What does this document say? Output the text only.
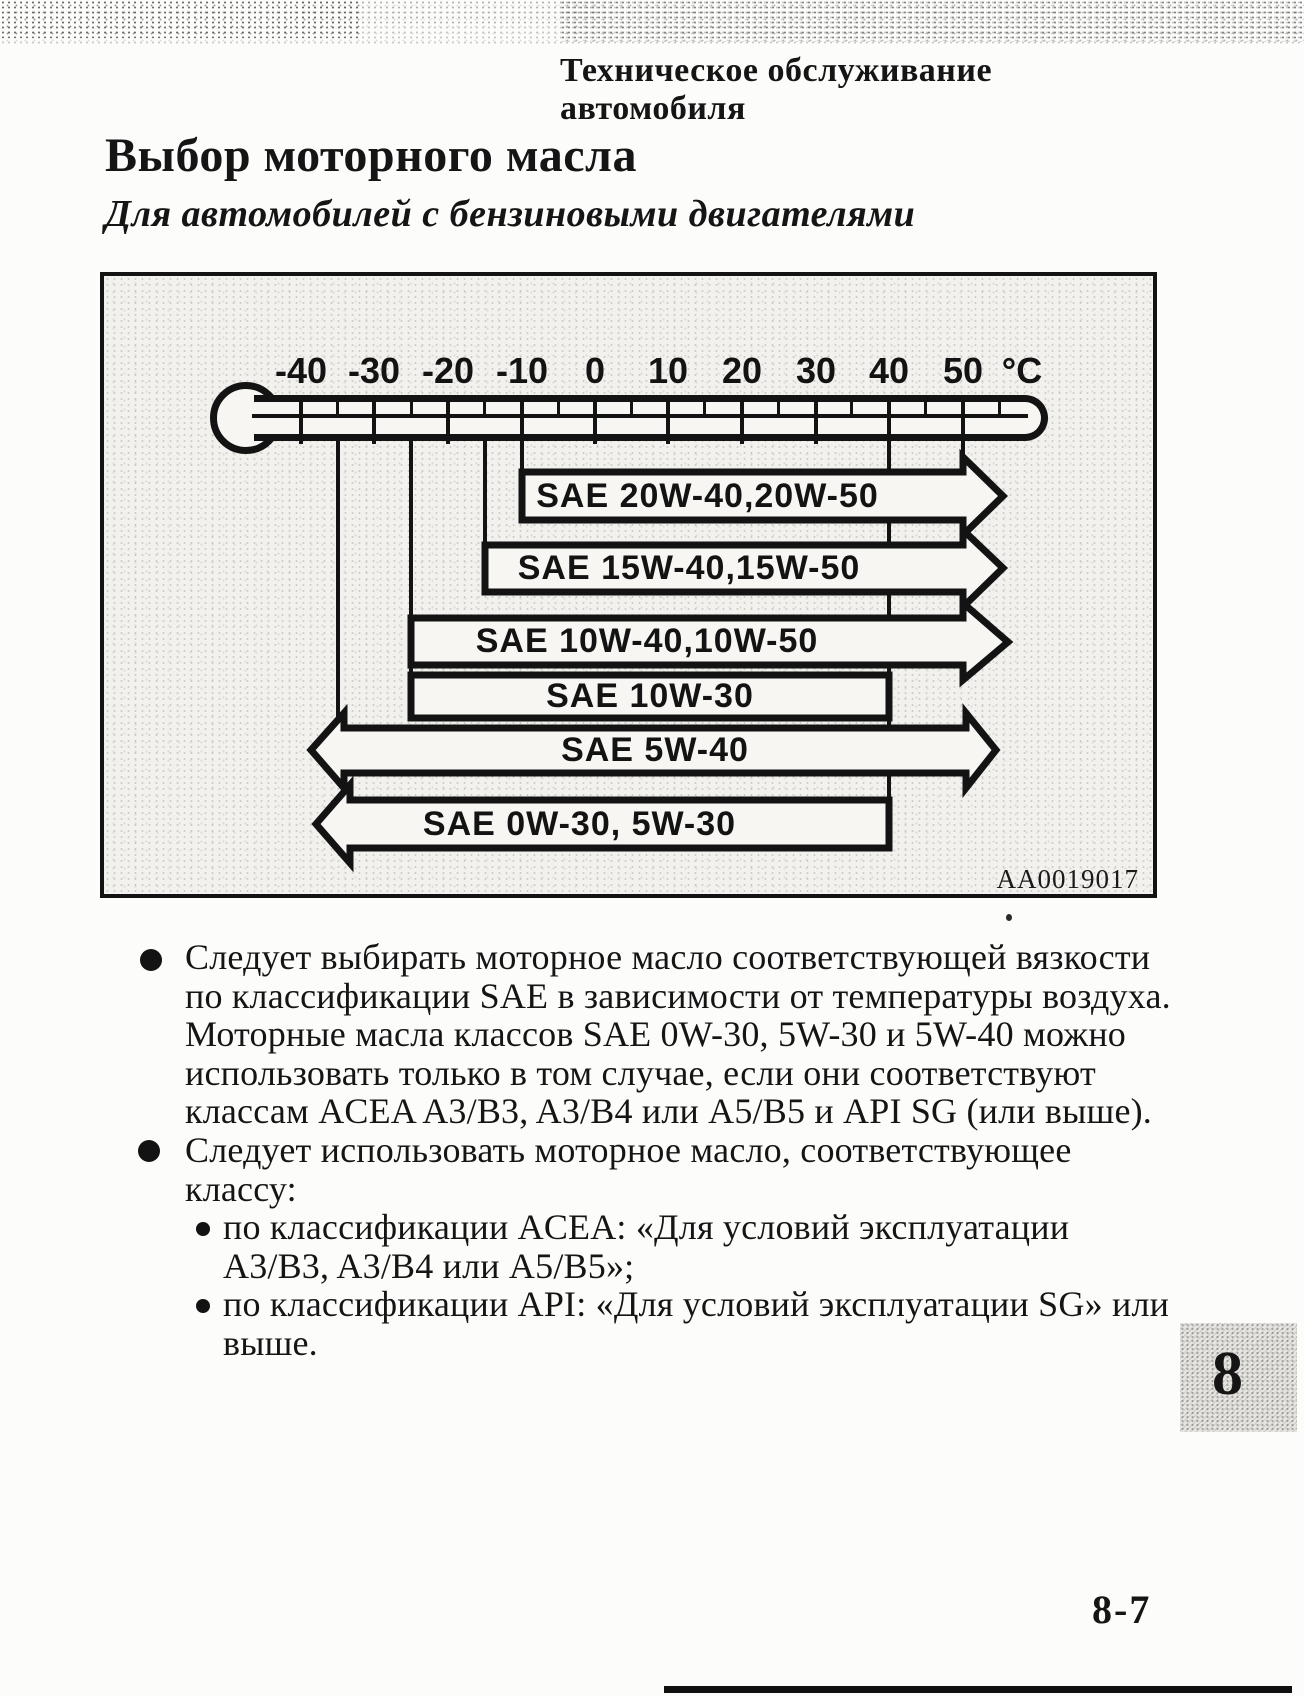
Техническое обслуживание автомобиля
Выбор моторного масла
Для автомобилей с бензиновыми двигателями
-40 -30 -20 -10	0	10 20 30 40 50 °C
SAE 20W-40,20W-50
SAE 15W-40,15W-50
SAE 10W-40,10W-50
SAE 10W-30
SAE 5W-40
SAE 0W-30, 5W-30
AA0019017
Следует выбирать моторное масло соответствующей вязкости
по классификации SAE в зависимости от температуры воздуха.
Моторные масла классов SAE 0W-30, 5W-30 и 5W-40 можно
использовать только в том случае, если они соответствуют
классам ACEA A3/B3, A3/B4 или A5/B5 и API SG (или выше).
Следует использовать моторное масло, соответствующее
классу:
по классификации ACEA: «Для условий эксплуатации
A3/B3, A3/B4 или A5/B5»;
по классификации API: «Для условий эксплуатации SG» или
выше.	8
8-7
